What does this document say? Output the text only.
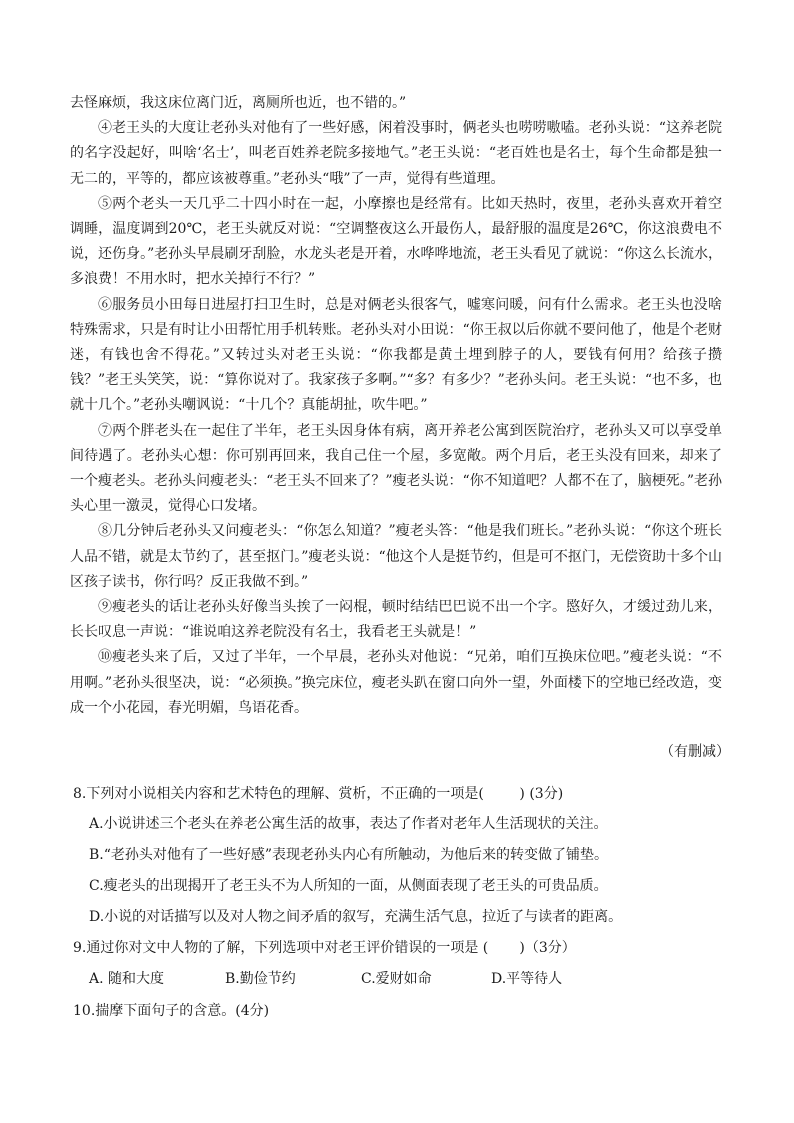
去怪麻烦，我这床位离门近，离厕所也近，也不错的。”

④老王头的大度让老孙头对他有了一些好感，闲着没事时，俩老头也唠唠嗷嗑。老孙头说：“这养老院的名字没起好，叫啥‘名士’，叫老百姓养老院多接地气。”老王头说：“老百姓也是名士，每个生命都是独一无二的，平等的，都应该被尊重。”老孙头“哦”了一声，觉得有些道理。

⑤两个老头一天几乎二十四小时在一起，小摩擦也是经常有。比如天热时，夜里，老孙头喜欢开着空调睡，温度调到20℃，老王头就反对说：“空调整夜这么开最伤人，最舒服的温度是26℃，你这浪费电不说，还伤身。”老孙头早晨刷牙刮脸，水龙头老是开着，水哗哗地流，老王头看见了就说：“你这么长流水，多浪费！不用水时，把水关掉行不行？”

⑥服务员小田每日进屋打扫卫生时，总是对俩老头很客气，嘘寒问暖，问有什么需求。老王头也没啥特殊需求，只是有时让小田帮忙用手机转账。老孙头对小田说：“你王叔以后你就不要问他了，他是个老财迷，有钱也舍不得花。”又转过头对老王头说：“你我都是黄土埋到脖子的人，要钱有何用？给孩子攒钱？”老王头笑笑，说：“算你说对了。我家孩子多啊。”“多？有多少？”老孙头问。老王头说：“也不多，也就十几个。”老孙头嘲讽说：“十几个？真能胡扯，吹牛吧。”

⑦两个胖老头在一起住了半年，老王头因身体有病，离开养老公寓到医院治疗，老孙头又可以享受单间待遇了。老孙头心想：你可别再回来，我自己住一个屋，多宽敞。两个月后，老王头没有回来，却来了一个瘦老头。老孙头问瘦老头：“老王头不回来了？”瘦老头说：“你不知道吧？人都不在了，脑梗死。”老孙头心里一激灵，觉得心口发堵。

⑧几分钟后老孙头又问瘦老头：“你怎么知道？”瘦老头答：“他是我们班长。”老孙头说：“你这个班长人品不错，就是太节约了，甚至抠门。”瘦老头说：“他这个人是挺节约，但是可不抠门，无偿资助十多个山区孩子读书，你行吗？反正我做不到。”

⑨瘦老头的话让老孙头好像当头挨了一闷棍，顿时结结巴巴说不出一个字。愍好久，才缓过劲儿来，长长叹息一声说：“谁说咱这养老院没有名士，我看老王头就是！”

⑩瘦老头来了后，又过了半年，一个早晨，老孙头对他说：“兄弟，咱们互换床位吧。”瘦老头说：“不用啊。”老孙头很坚决，说：“必须换。”换完床位，瘦老头趴在窗口向外一望，外面楼下的空地已经改造，变成一个小花园，春光明媚，鸟语花香。

（有删减）

8.下列对小说相关内容和艺术特色的理解、赏析，不正确的一项是(        ) (3分)

A.小说讲述三个老头在养老公寓生活的故事，表达了作者对老年人生活现状的关注。

B.“老孙头对他有了一些好感”表现老孙头内心有所触动，为他后来的转变做了铺垫。

C.瘦老头的出现揭开了老王头不为人所知的一面，从侧面表现了老王头的可贵品质。

D.小说的对话描写以及对人物之间矛盾的叙写，充满生活气息，拉近了与读者的距离。

9.通过你对文中人物的了解，下列选项中对老王评价错误的一项是 (       )（3分）

A. 随和大度	B.勤俭节约	C.爱财如命	D.平等待人

10.揣摩下面句子的含意。(4分)
